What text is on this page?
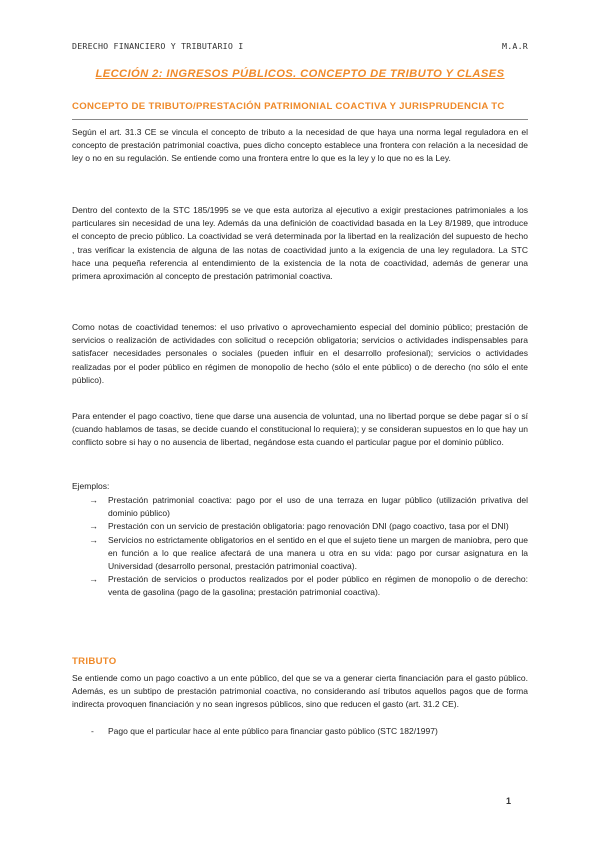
DERECHO FINANCIERO Y TRIBUTARIO I	M.A.R
LECCIÓN 2: INGRESOS PÚBLICOS. CONCEPTO DE TRIBUTO Y CLASES
CONCEPTO DE TRIBUTO/PRESTACIÓN PATRIMONIAL COACTIVA Y JURISPRUDENCIA TC
Según el art. 31.3 CE se vincula el concepto de tributo a la necesidad de que haya una norma legal reguladora en el concepto de prestación patrimonial coactiva, pues dicho concepto establece una frontera con relación a la necesidad de ley o no en su regulación. Se entiende como una frontera entre lo que es la ley y lo que no es la Ley.
Dentro del contexto de la STC 185/1995 se ve que esta autoriza al ejecutivo a exigir prestaciones patrimoniales a los particulares sin necesidad de una ley. Además da una definición de coactividad basada en la Ley 8/1989, que introduce el concepto de precio público. La coactividad se verá determinada por la libertad en la realización del supuesto de hecho , tras verificar la existencia de alguna de las notas de coactividad junto a la exigencia de una ley reguladora. La STC hace una pequeña referencia al entendimiento de la existencia de la nota de coactividad, además de generar una primera aproximación al concepto de prestación patrimonial coactiva.
Como notas de coactividad tenemos: el uso privativo o aprovechamiento especial del dominio público; prestación de servicios o realización de actividades con solicitud o recepción obligatoria; servicios o actividades indispensables para satisfacer necesidades personales o sociales (pueden influir en el desarrollo profesional); servicios o actividades realizadas por el poder público en régimen de monopolio de hecho (sólo el ente público) o de derecho (no sólo el ente público).
Para entender el pago coactivo, tiene que darse una ausencia de voluntad, una no libertad porque se debe pagar sí o sí (cuando hablamos de tasas, se decide cuando el constitucional lo requiera); y se consideran supuestos en lo que hay un conflicto sobre si hay o no ausencia de libertad, negándose esta cuando el particular pague por el dominio público.
Ejemplos:
→ Prestación patrimonial coactiva: pago por el uso de una terraza en lugar público (utilización privativa del dominio público)
→ Prestación con un servicio de prestación obligatoria: pago renovación DNI (pago coactivo, tasa por el DNI)
→ Servicios no estrictamente obligatorios en el sentido en el que el sujeto tiene un margen de maniobra, pero que en función a lo que realice afectará de una manera u otra en su vida: pago por cursar asignatura en la Universidad (desarrollo personal, prestación patrimonial coactiva).
→ Prestación de servicios o productos realizados por el poder público en régimen de monopolio o de derecho: venta de gasolina (pago de la gasolina; prestación patrimonial coactiva).
TRIBUTO
Se entiende como un pago coactivo a un ente público, del que se va a generar cierta financiación para el gasto público. Además, es un subtipo de prestación patrimonial coactiva, no considerando así tributos aquellos pagos que de forma indirecta provoquen financiación y no sean ingresos públicos, sino que reducen el gasto (art. 31.2 CE).
- Pago que el particular hace al ente público para financiar gasto público (STC 182/1997)
1
